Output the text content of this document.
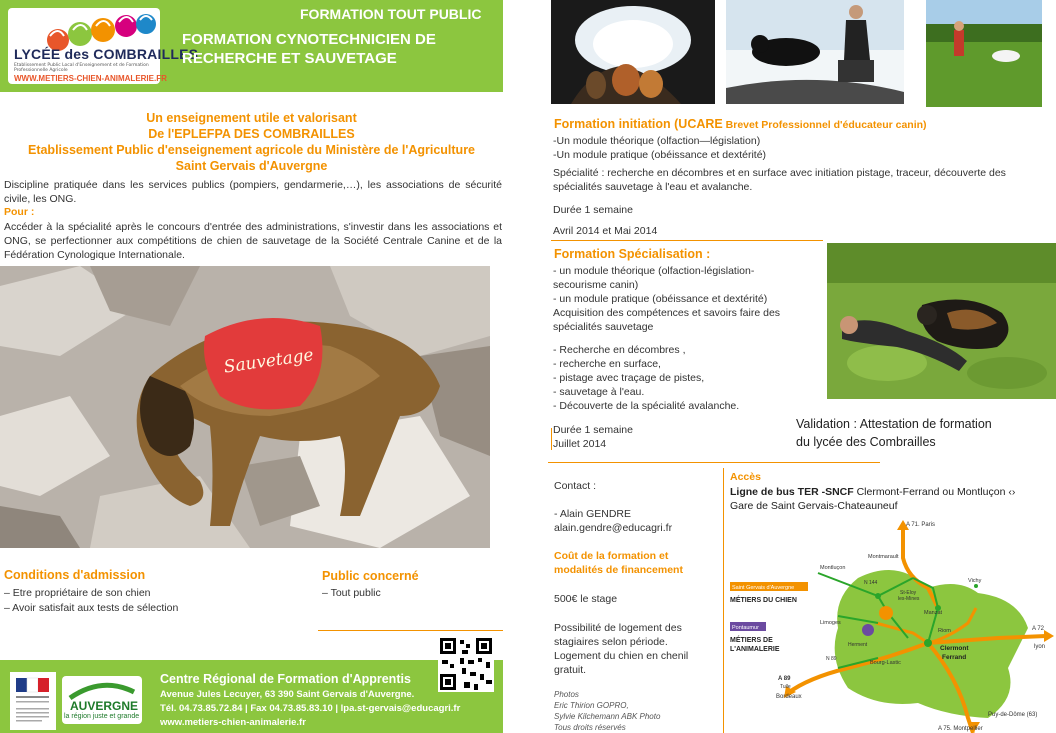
LYCÉE des COMBRAILLES
Etablissement Public Local d'Enseignement et de Formation Professionnelle Agricole
WWW.METIERS-CHIEN-ANIMALERIE.FR
FORMATION TOUT PUBLIC
FORMATION CYNOTECHNICIEN DE
RECHERCHE ET SAUVETAGE
Un enseignement utile et valorisant
De l'EPLEFPA DES COMBRAILLES
Etablissement Public d'enseignement agricole du Ministère de l'Agriculture
Saint Gervais d'Auvergne
Discipline pratiquée dans les services publics (pompiers, gendarmerie,…), les associations de sécurité civile, les ONG.
Pour :
Accéder à la spécialité après le concours d'entrée des administrations, s'investir dans les associations et ONG, se perfectionner aux compétitions de chien de sauvetage de la Société Centrale Canine et de la Fédération Cynologique Internationale.
Sauvetage
Conditions d'admission
– Etre propriétaire de son chien
– Avoir satisfait aux tests de sélection
Public concerné
– Tout public
AUVERGNE
la région juste et grande
Centre Régional de Formation d'Apprentis
Avenue Jules Lecuyer, 63 390 Saint Gervais d'Auvergne.
Tél. 04.73.85.72.84 | Fax 04.73.85.83.10 | lpa.st-gervais@educagri.fr
www.metiers-chien-animalerie.fr
Formation initiation (UCARE Brevet Professionnel d'éducateur canin)
-Un module théorique (olfaction—législation)
-Un module pratique (obéissance et dextérité)
Spécialité : recherche en décombres et en surface avec initiation pistage, traceur, découverte des spécialités sauvetage à l'eau et avalanche.
Durée 1 semaine
Avril 2014 et Mai 2014
Formation Spécialisation :
- un module théorique (olfaction-législation-
secourisme canin)
- un module pratique (obéissance et dextérité)
Acquisition des compétences et savoirs faire des
spécialités sauvetage
- Recherche en décombres ,
- recherche en surface,
- pistage avec traçage de pistes,
- sauvetage à l'eau.
- Découverte de la spécialité avalanche.
Durée 1 semaine
Juillet 2014
Validation : Attestation de formation
du lycée des Combrailles
Contact :
- Alain GENDRE
alain.gendre@educagri.fr
Coût de la formation et
modalités de financement
500€ le stage
Possibilité de logement des
stagiaires selon période.
Logement du chien en chenil
gratuit.
Photos
Eric Thirion GOPRO,
Sylvie Kilchemann ABK Photo
Tous droits réservés
Accès
Ligne de bus TER -SNCF Clermont-Ferrand ou Montluçon ‹›
Gare de Saint Gervais-Chateauneuf
A 71. Paris
Montmarault
Montluçon
N 144
St-Eloy
les-Mines
Vichy
Limoges
Manzat
Riom
Clermont
Ferrand
A 72
lyon
Herment
N 89
Bourg-Lastic
A 89
Tulle
Bordeaux
Puy-de-Dôme (63)
A 75. Montpellier
Saint Gervais d'Auvergne
MÉTIERS DU CHIEN
Pontaumur
MÉTIERS DE
L'ANIMALERIE
